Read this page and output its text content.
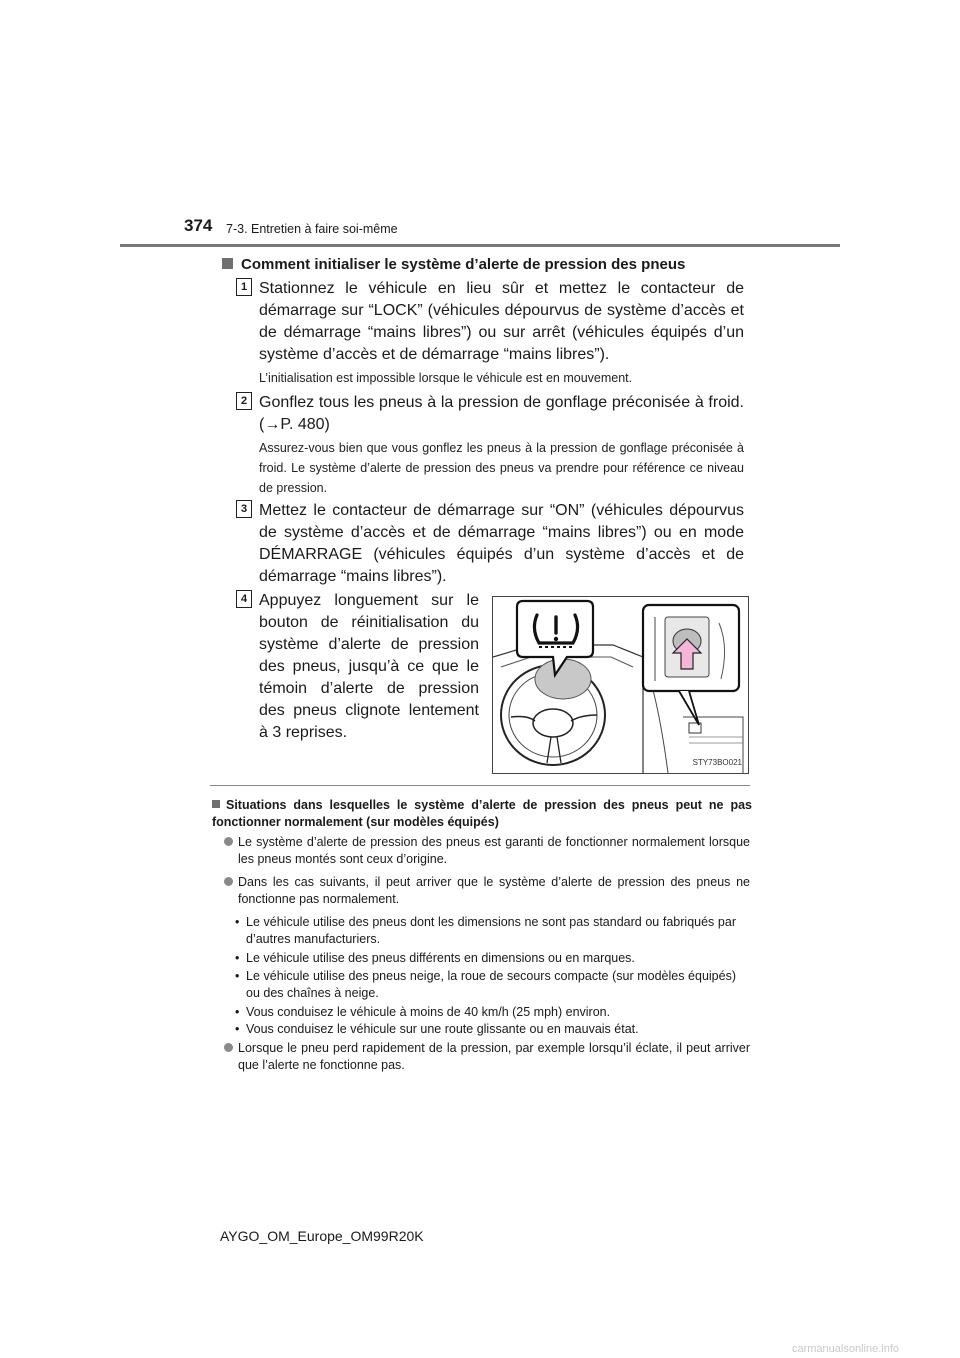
374 7-3. Entretien à faire soi-même
Comment initialiser le système d’alerte de pression des pneus
1 Stationnez le véhicule en lieu sûr et mettez le contacteur de démarrage sur “LOCK” (véhicules dépourvus de système d’accès et de démarrage “mains libres”) ou sur arrêt (véhicules équipés d’un système d’accès et de démarrage “mains libres”).
L’initialisation est impossible lorsque le véhicule est en mouvement.
2 Gonflez tous les pneus à la pression de gonflage préconisée à froid.
(→P. 480)
Assurez-vous bien que vous gonflez les pneus à la pression de gonflage préconisée à froid. Le système d’alerte de pression des pneus va prendre pour référence ce niveau de pression.
3 Mettez le contacteur de démarrage sur “ON” (véhicules dépourvus de système d’accès et de démarrage “mains libres”) ou en mode DÉMARRAGE (véhicules équipés d’un système d’accès et de démarrage “mains libres”).
4 Appuyez longuement sur le bouton de réinitialisation du système d’alerte de pression des pneus, jusqu’à ce que le témoin d’alerte de pression des pneus clignote lentement à 3 reprises.
STY73BO021
Situations dans lesquelles le système d’alerte de pression des pneus peut ne pas fonctionner normalement (sur modèles équipés)
Le système d’alerte de pression des pneus est garanti de fonctionner normalement lorsque les pneus montés sont ceux d’origine.
Dans les cas suivants, il peut arriver que le système d’alerte de pression des pneus ne fonctionne pas normalement.
• Le véhicule utilise des pneus dont les dimensions ne sont pas standard ou fabriqués par d’autres manufacturiers.
• Le véhicule utilise des pneus différents en dimensions ou en marques.
• Le véhicule utilise des pneus neige, la roue de secours compacte (sur modèles équipés) ou des chaînes à neige.
• Vous conduisez le véhicule à moins de 40 km/h (25 mph) environ.
• Vous conduisez le véhicule sur une route glissante ou en mauvais état.
Lorsque le pneu perd rapidement de la pression, par exemple lorsqu’il éclate, il peut arriver que l’alerte ne fonctionne pas.
AYGO_OM_Europe_OM99R20K
carmanualsonline.info
